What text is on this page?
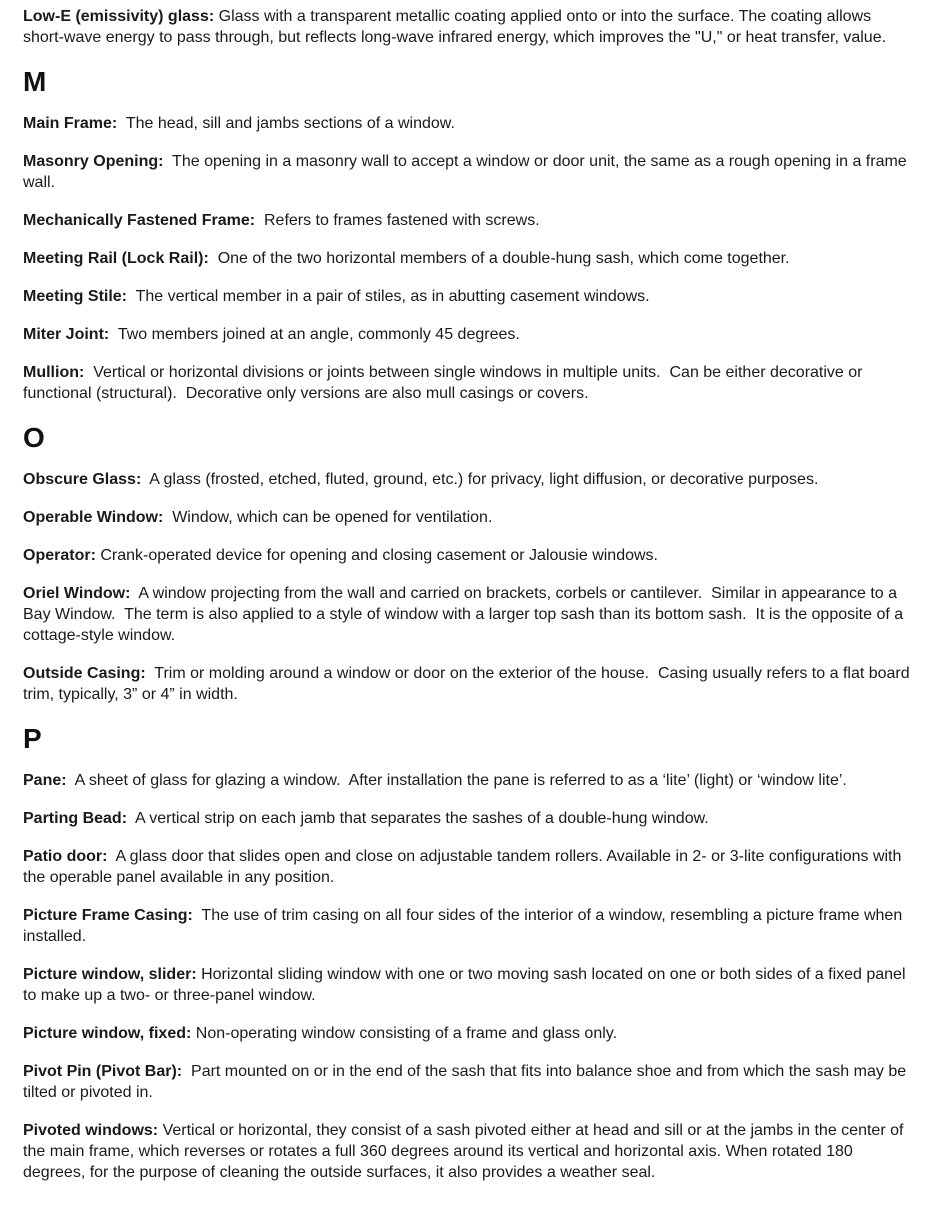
Low-E (emissivity) glass: Glass with a transparent metallic coating applied onto or into the surface. The coating allows short-wave energy to pass through, but reflects long-wave infrared energy, which improves the "U," or heat transfer, value.

M

Main Frame:  The head, sill and jambs sections of a window.

Masonry Opening:  The opening in a masonry wall to accept a window or door unit, the same as a rough opening in a frame wall.

Mechanically Fastened Frame:  Refers to frames fastened with screws.

Meeting Rail (Lock Rail):  One of the two horizontal members of a double-hung sash, which come together.

Meeting Stile:  The vertical member in a pair of stiles, as in abutting casement windows.

Miter Joint:  Two members joined at an angle, commonly 45 degrees.

Mullion:  Vertical or horizontal divisions or joints between single windows in multiple units.  Can be either decorative or functional (structural).  Decorative only versions are also mull casings or covers.

O

Obscure Glass:  A glass (frosted, etched, fluted, ground, etc.) for privacy, light diffusion, or decorative purposes.

Operable Window:  Window, which can be opened for ventilation.

Operator: Crank-operated device for opening and closing casement or Jalousie windows.

Oriel Window:  A window projecting from the wall and carried on brackets, corbels or cantilever.  Similar in appearance to a Bay Window.  The term is also applied to a style of window with a larger top sash than its bottom sash.  It is the opposite of a cottage-style window.

Outside Casing:  Trim or molding around a window or door on the exterior of the house.  Casing usually refers to a flat board trim, typically, 3” or 4” in width.

P

Pane:  A sheet of glass for glazing a window.  After installation the pane is referred to as a ‘lite’ (light) or ‘window lite’.

Parting Bead:  A vertical strip on each jamb that separates the sashes of a double-hung window.

Patio door:  A glass door that slides open and close on adjustable tandem rollers. Available in 2- or 3-lite configurations with the operable panel available in any position.

Picture Frame Casing:  The use of trim casing on all four sides of the interior of a window, resembling a picture frame when installed.

Picture window, slider: Horizontal sliding window with one or two moving sash located on one or both sides of a fixed panel to make up a two- or three-panel window.

Picture window, fixed: Non-operating window consisting of a frame and glass only.

Pivot Pin (Pivot Bar):  Part mounted on or in the end of the sash that fits into balance shoe and from which the sash may be tilted or pivoted in.

Pivoted windows: Vertical or horizontal, they consist of a sash pivoted either at head and sill or at the jambs in the center of the main frame, which reverses or rotates a full 360 degrees around its vertical and horizontal axis. When rotated 180 degrees, for the purpose of cleaning the outside surfaces, it also provides a weather seal.
